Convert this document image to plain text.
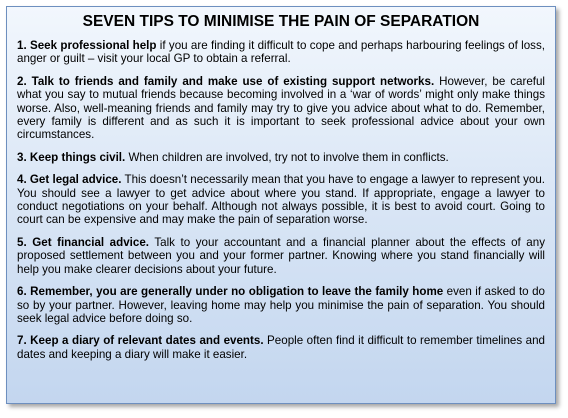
SEVEN TIPS TO MINIMISE THE PAIN OF SEPARATION

1. Seek professional help if you are finding it difficult to cope and perhaps harbouring feelings of loss, anger or guilt – visit your local GP to obtain a referral.

2. Talk to friends and family and make use of existing support networks. However, be careful what you say to mutual friends because becoming involved in a ‘war of words’ might only make things worse. Also, well-meaning friends and family may try to give you advice about what to do. Remember, every family is different and as such it is important to seek professional advice about your own circumstances.

3. Keep things civil. When children are involved, try not to involve them in conflicts.

4. Get legal advice. This doesn’t necessarily mean that you have to engage a lawyer to represent you. You should see a lawyer to get advice about where you stand. If appropriate, engage a lawyer to conduct negotiations on your behalf. Although not always possible, it is best to avoid court. Going to court can be expensive and may make the pain of separation worse.

5. Get financial advice. Talk to your accountant and a financial planner about the effects of any proposed settlement between you and your former partner. Knowing where you stand financially will help you make clearer decisions about your future.

6. Remember, you are generally under no obligation to leave the family home even if asked to do so by your partner. However, leaving home may help you minimise the pain of separation. You should seek legal advice before doing so.

7. Keep a diary of relevant dates and events. People often find it difficult to remember timelines and dates and keeping a diary will make it easier.
